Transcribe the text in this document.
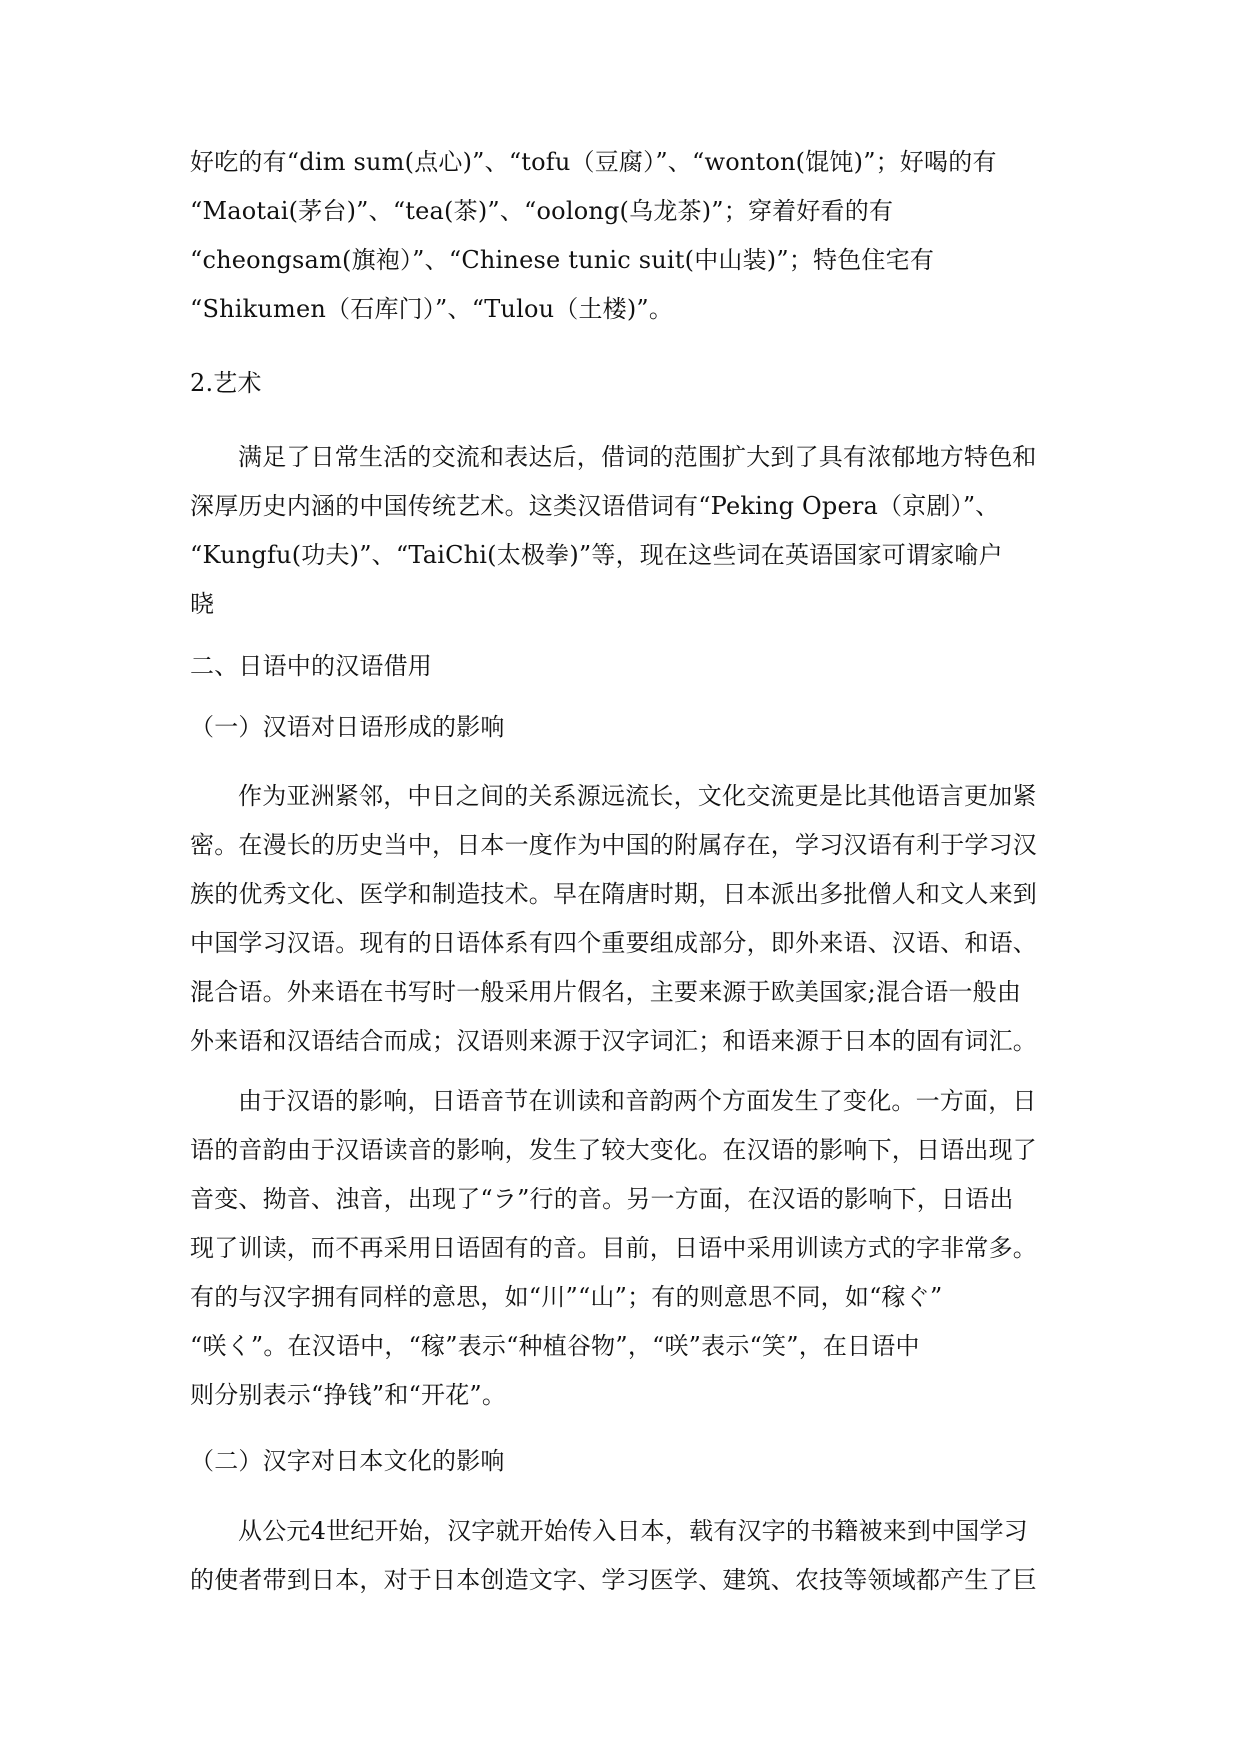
好吃的有“dim sum(点心)”、“tofu（豆腐）”、“wonton(馄饨)”；好喝的有
“Maotai(茅台)”、“tea(茶)”、“oolong(乌龙茶)”；穿着好看的有
“cheongsam(旗袍）”、“Chinese tunic suit(中山装)”；特色住宅有
“Shikumen（石库门）”、“Tulou（土楼)”。
2.艺术
满足了日常生活的交流和表达后，借词的范围扩大到了具有浓郁地方特色和
深厚历史内涵的中国传统艺术。这类汉语借词有“Peking Opera（京剧）”、
“Kungfu(功夫)”、“TaiChi(太极拳)”等，现在这些词在英语国家可谓家喻户
晓
二、日语中的汉语借用
（一）汉语对日语形成的影响
作为亚洲紧邻，中日之间的关系源远流长，文化交流更是比其他语言更加紧
密。在漫长的历史当中，日本一度作为中国的附属存在，学习汉语有利于学习汉
族的优秀文化、医学和制造技术。早在隋唐时期，日本派出多批僧人和文人来到
中国学习汉语。现有的日语体系有四个重要组成部分，即外来语、汉语、和语、
混合语。外来语在书写时一般采用片假名，主要来源于欧美国家;混合语一般由
外来语和汉语结合而成；汉语则来源于汉字词汇；和语来源于日本的固有词汇。
由于汉语的影响，日语音节在训读和音韵两个方面发生了变化。一方面，日
语的音韵由于汉语读音的影响，发生了较大变化。在汉语的影响下，日语出现了
音变、拗音、浊音，出现了“ラ”行的音。另一方面，在汉语的影响下，日语出
现了训读，而不再采用日语固有的音。目前，日语中采用训读方式的字非常多。
有的与汉字拥有同样的意思，如“川”“山”；有的则意思不同，如“稼ぐ”
“咲く”。在汉语中，“稼”表示“种植谷物”，“咲”表示“笑”，在日语中
则分别表示“挣钱”和“开花”。
（二）汉字对日本文化的影响
从公元4世纪开始，汉字就开始传入日本，载有汉字的书籍被来到中国学习
的使者带到日本，对于日本创造文字、学习医学、建筑、农技等领域都产生了巨
